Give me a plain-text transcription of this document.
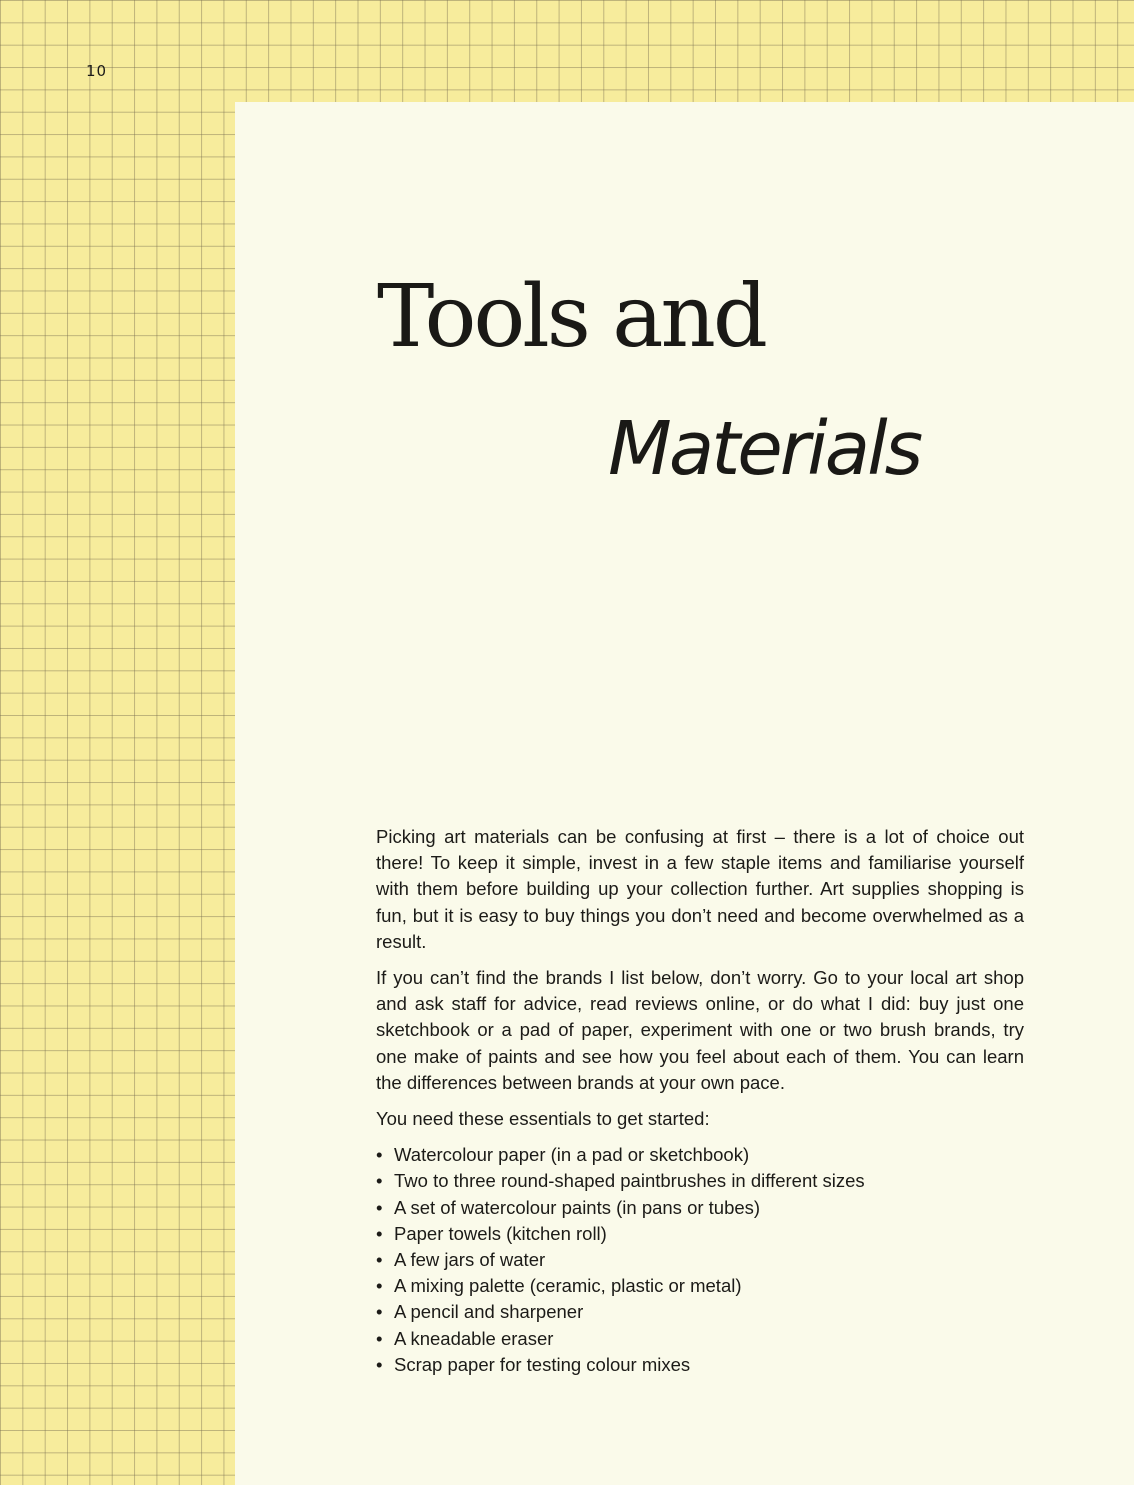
10
Tools and
Materials

Picking art materials can be confusing at first – there is a lot of choice out there! To keep it simple, invest in a few staple items and familiarise yourself with them before building up your collection further. Art supplies shopping is fun, but it is easy to buy things you don’t need and become overwhelmed as a result.

If you can’t find the brands I list below, don’t worry. Go to your local art shop and ask staff for advice, read reviews online, or do what I did: buy just one sketchbook or a pad of paper, experiment with one or two brush brands, try one make of paints and see how you feel about each of them. You can learn the differences between brands at your own pace.

You need these essentials to get started:

• Watercolour paper (in a pad or sketchbook)
• Two to three round-shaped paintbrushes in different sizes
• A set of watercolour paints (in pans or tubes)
• Paper towels (kitchen roll)
• A few jars of water
• A mixing palette (ceramic, plastic or metal)
• A pencil and sharpener
• A kneadable eraser
• Scrap paper for testing colour mixes
